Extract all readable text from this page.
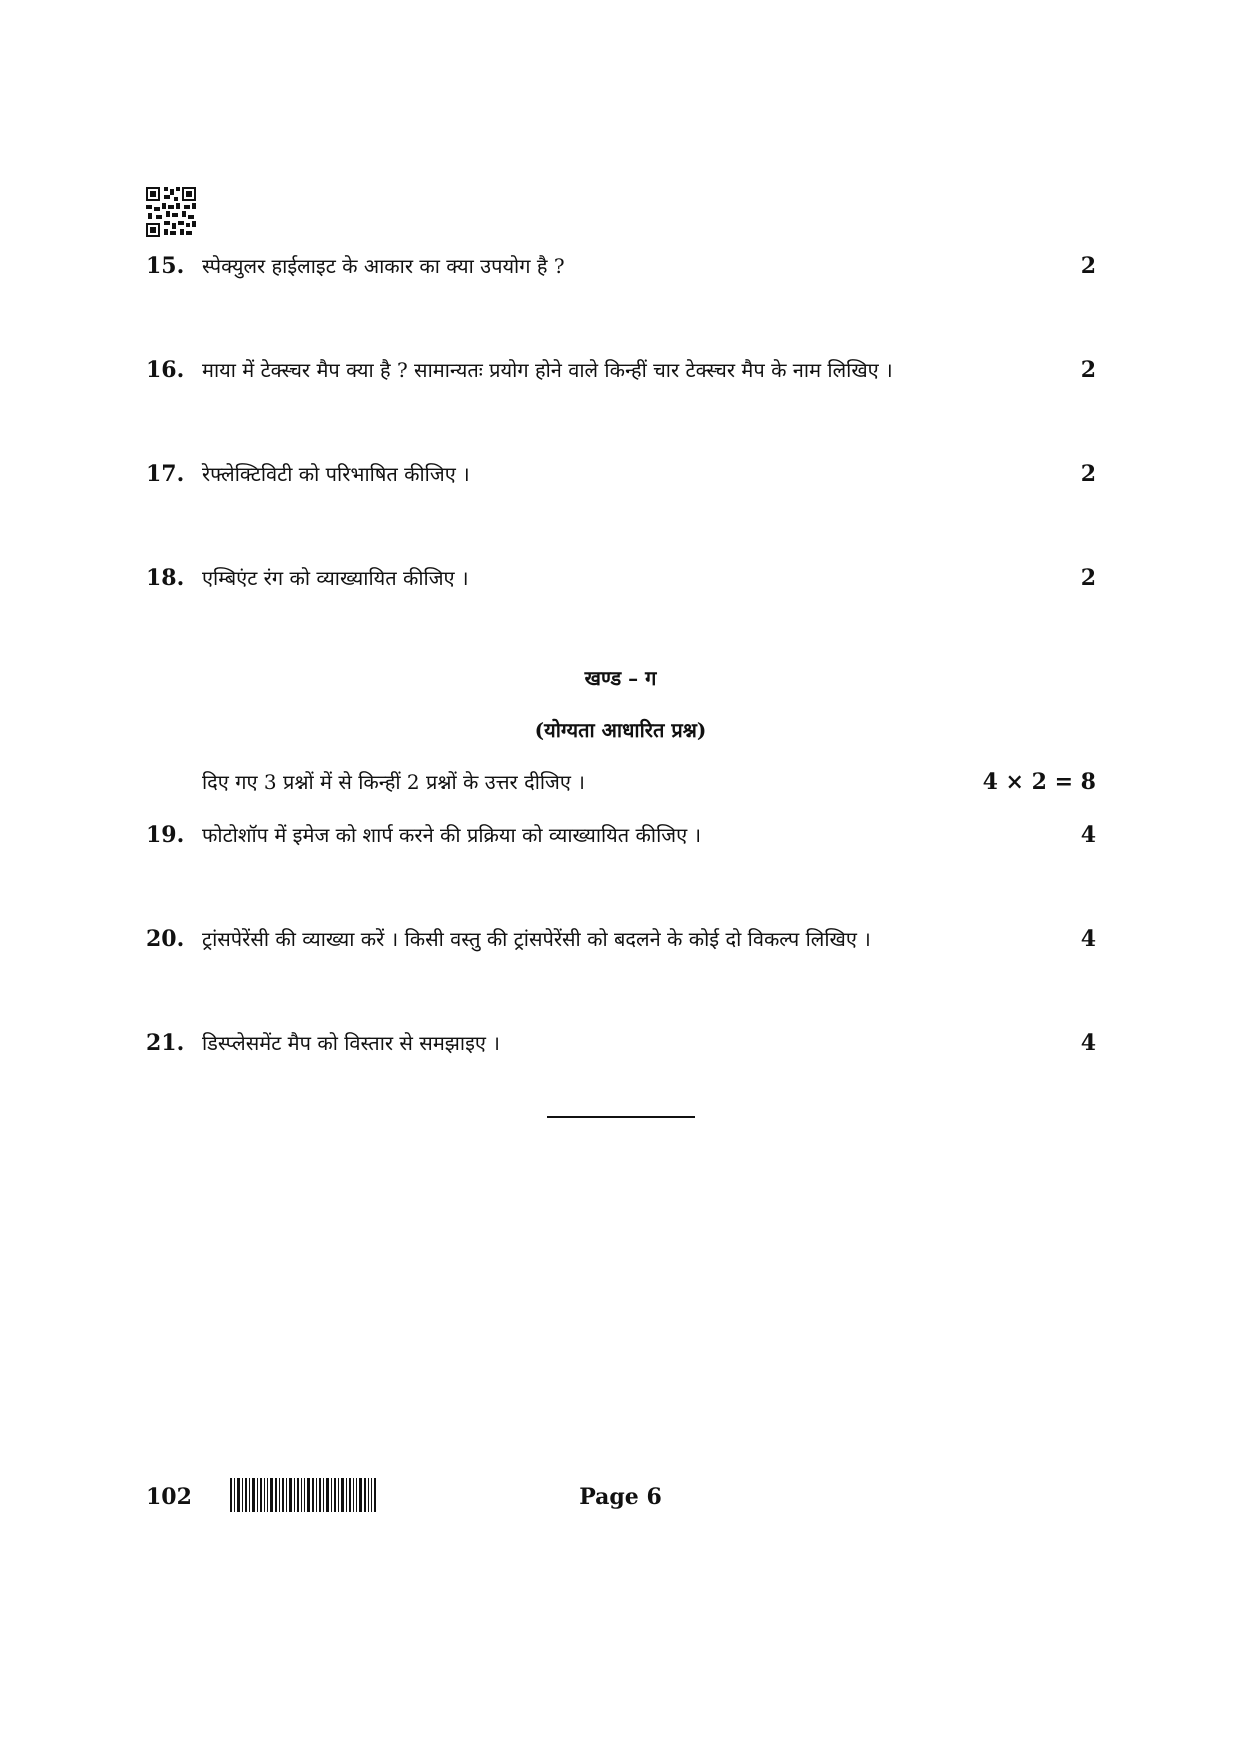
15. स्पेक्युलर हाईलाइट के आकार का क्या उपयोग है ?	2
16. माया में टेक्स्चर मैप क्या है ? सामान्यतः प्रयोग होने वाले किन्हीं चार टेक्स्चर मैप के नाम लिखिए ।	2
17. रेफ्लेक्टिविटी को परिभाषित कीजिए ।	2
18. एम्बिएंट रंग को व्याख्यायित कीजिए ।	2
खण्ड – ग
(योग्यता आधारित प्रश्न)
दिए गए 3 प्रश्नों में से किन्हीं 2 प्रश्नों के उत्तर दीजिए ।	4 × 2 = 8
19. फोटोशॉप में इमेज को शार्प करने की प्रक्रिया को व्याख्यायित कीजिए ।	4
20. ट्रांसपेरेंसी की व्याख्या करें । किसी वस्तु की ट्रांसपेरेंसी को बदलने के कोई दो विकल्प लिखिए ।	4
21. डिस्प्लेसमेंट मैप को विस्तार से समझाइए ।	4
102	Page 6
